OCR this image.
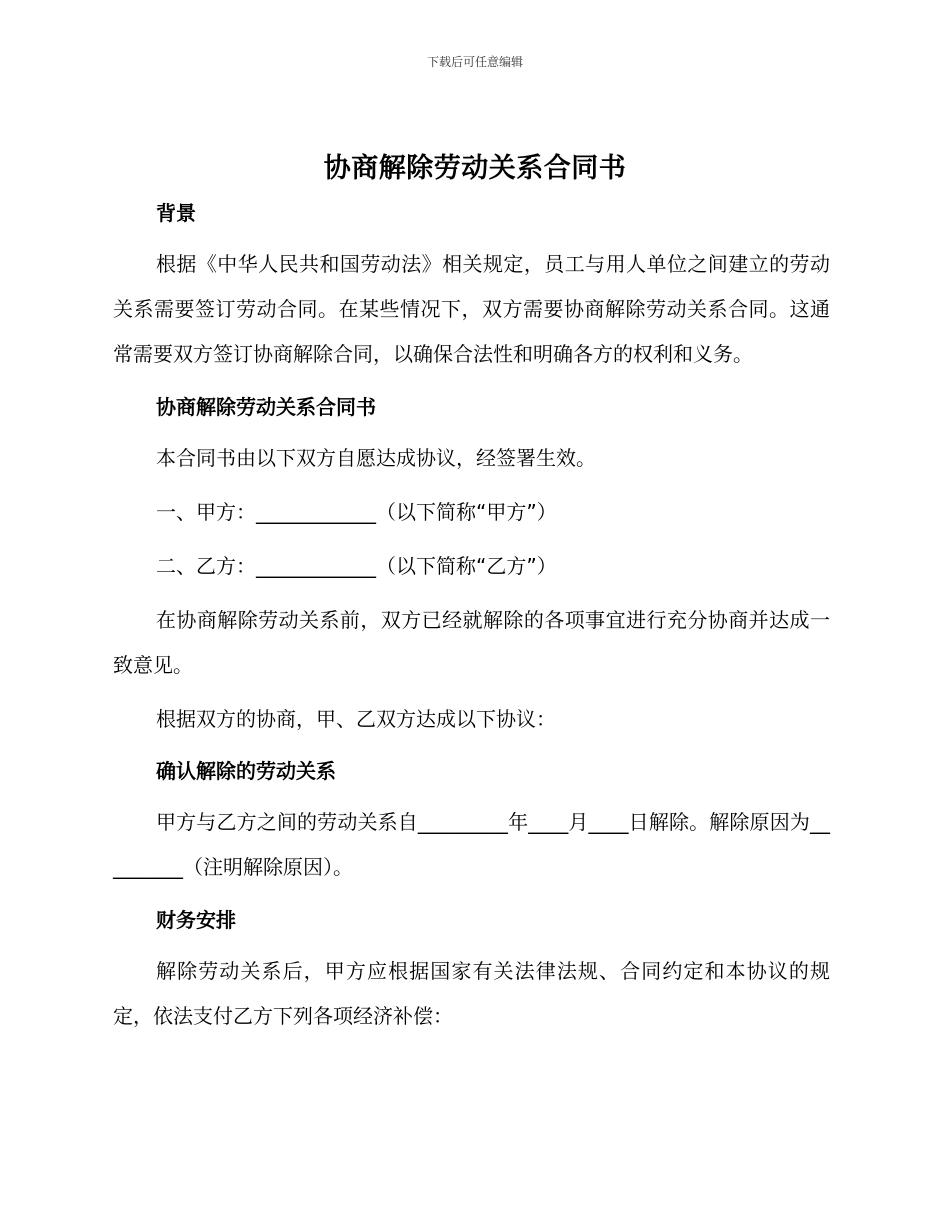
下载后可任意编辑
协商解除劳动关系合同书

背景

根据《中华人民共和国劳动法》相关规定，员工与用人单位之间建立的劳动关系需要签订劳动合同。在某些情况下，双方需要协商解除劳动关系合同。这通常需要双方签订协商解除合同，以确保合法性和明确各方的权利和义务。

协商解除劳动关系合同书

本合同书由以下双方自愿达成协议，经签署生效。

一、甲方：____________（以下简称“甲方”）

二、乙方：____________（以下简称“乙方”）

在协商解除劳动关系前，双方已经就解除的各项事宜进行充分协商并达成一致意见。

根据双方的协商，甲、乙双方达成以下协议：

确认解除的劳动关系

甲方与乙方之间的劳动关系自_________年____月____日解除。解除原因为_________（注明解除原因）。

财务安排

解除劳动关系后，甲方应根据国家有关法律法规、合同约定和本协议的规定，依法支付乙方下列各项经济补偿：
